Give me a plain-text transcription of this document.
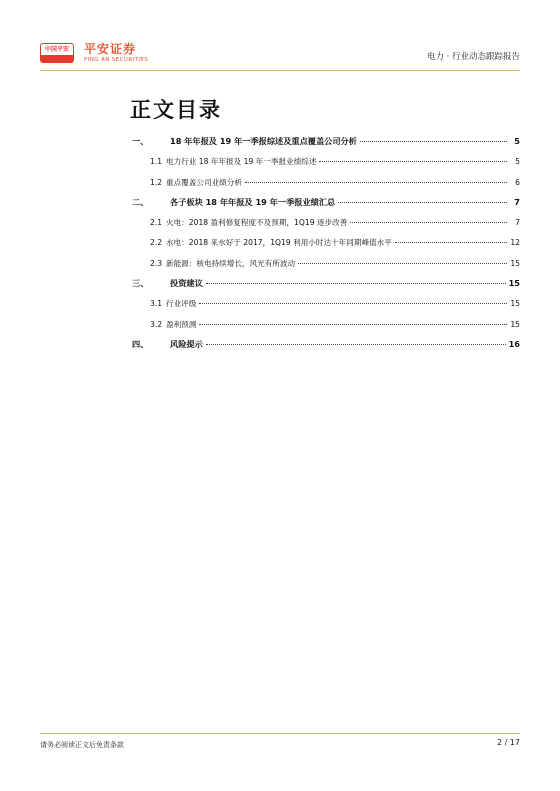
中国平安	平安证券
PING AN SECURITIES	电力 · 行业动态跟踪报告
正文目录
一、	18 年年报及 19 年一季报综述及重点覆盖公司分析	5
1.1 电力行业 18 年年报及 19 年一季报业绩综述	5
1.2 重点覆盖公司业绩分析	6
二、	各子板块 18 年年报及 19 年一季报业绩汇总	7
2.1 火电：2018 盈利修复程度不及预期，1Q19 逐步改善	7
2.2 水电：2018 来水好于 2017，1Q19 利用小时达十年同期峰值水平	12
2.3 新能源：核电持续增长，风光有所波动	15
三、	投资建议	15
3.1 行业评级	15
3.2 盈利预测	15
四、	风险提示	16
请务必阅读正文后免责条款	2 / 17
